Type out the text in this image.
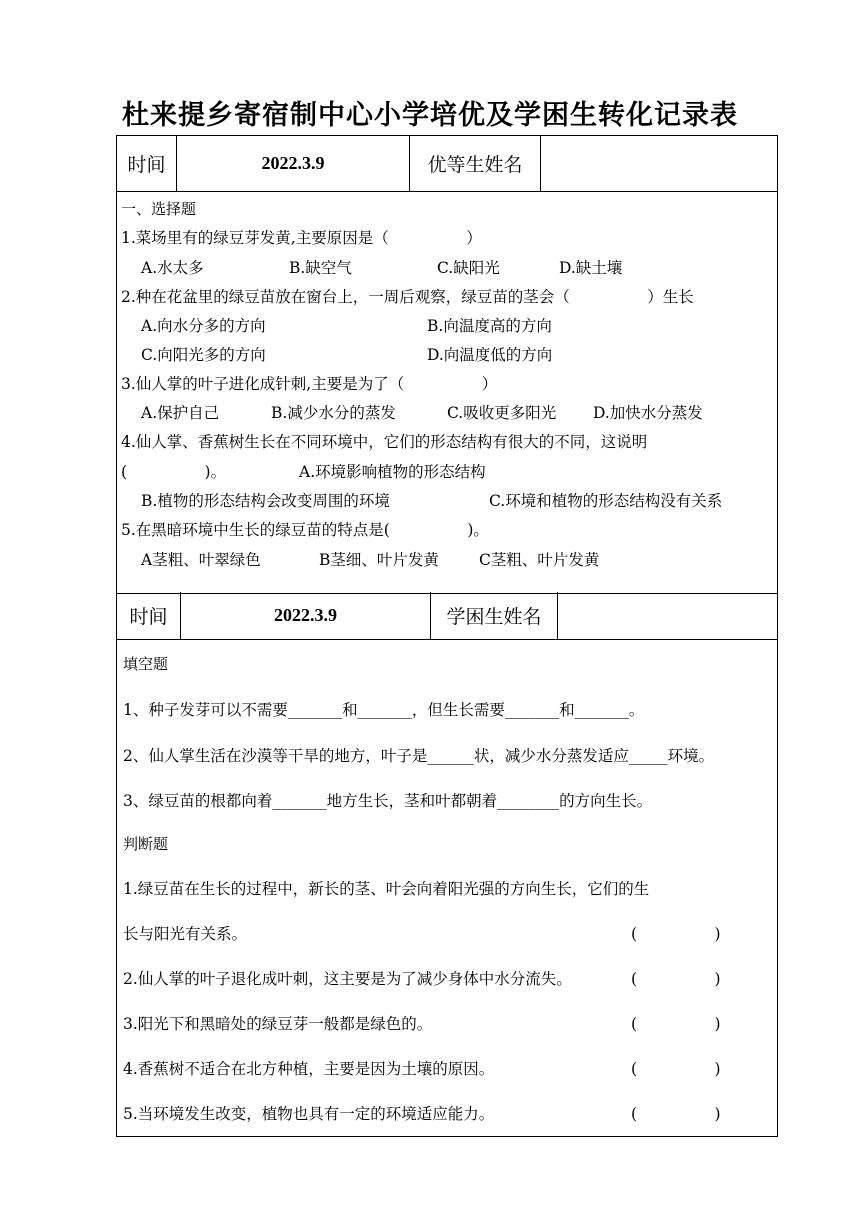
杜来提乡寄宿制中心小学培优及学困生转化记录表
时间	2022.3.9	优等生姓名
一、选择题
1.菜场里有的绿豆芽发黄,主要原因是（　　　　　）
A.水太多	B.缺空气	C.缺阳光	D.缺土壤
2.种在花盆里的绿豆苗放在窗台上，一周后观察，绿豆苗的茎会（　　　　　）生长
A.向水分多的方向	B.向温度高的方向
C.向阳光多的方向	D.向温度低的方向
3.仙人掌的叶子进化成针刺,主要是为了（　　　　　）
A.保护自己	B.减少水分的蒸发	C.吸收更多阳光 D.加快水分蒸发
4.仙人掌、香蕉树生长在不同环境中，它们的形态结构有很大的不同，这说明
(　　　　　)。	A.环境影响植物的形态结构
B.植物的形态结构会改变周围的环境	C.环境和植物的形态结构没有关系
5.在黑暗环境中生长的绿豆苗的特点是(　　　　　)。
A茎粗、叶翠绿色	B茎细、叶片发黄	C茎粗、叶片发黄
时间	2022.3.9	学困生姓名
填空题
1、种子发芽可以不需要_______和_______，但生长需要_______和_______。
2、仙人掌生活在沙漠等干旱的地方，叶子是______状，减少水分蒸发适应_____环境。
3、绿豆苗的根都向着_______地方生长，茎和叶都朝着________的方向生长。
判断题
1.绿豆苗在生长的过程中，新长的茎、叶会向着阳光强的方向生长，它们的生
长与阳光有关系。	(　　　　　)
2.仙人掌的叶子退化成叶刺，这主要是为了减少身体中水分流失。	(　　　　　)
3.阳光下和黑暗处的绿豆芽一般都是绿色的。	(　　　　　)
4.香蕉树不适合在北方种植，主要是因为土壤的原因。	(　　　　　)
5.当环境发生改变，植物也具有一定的环境适应能力。	(　　　　　)
